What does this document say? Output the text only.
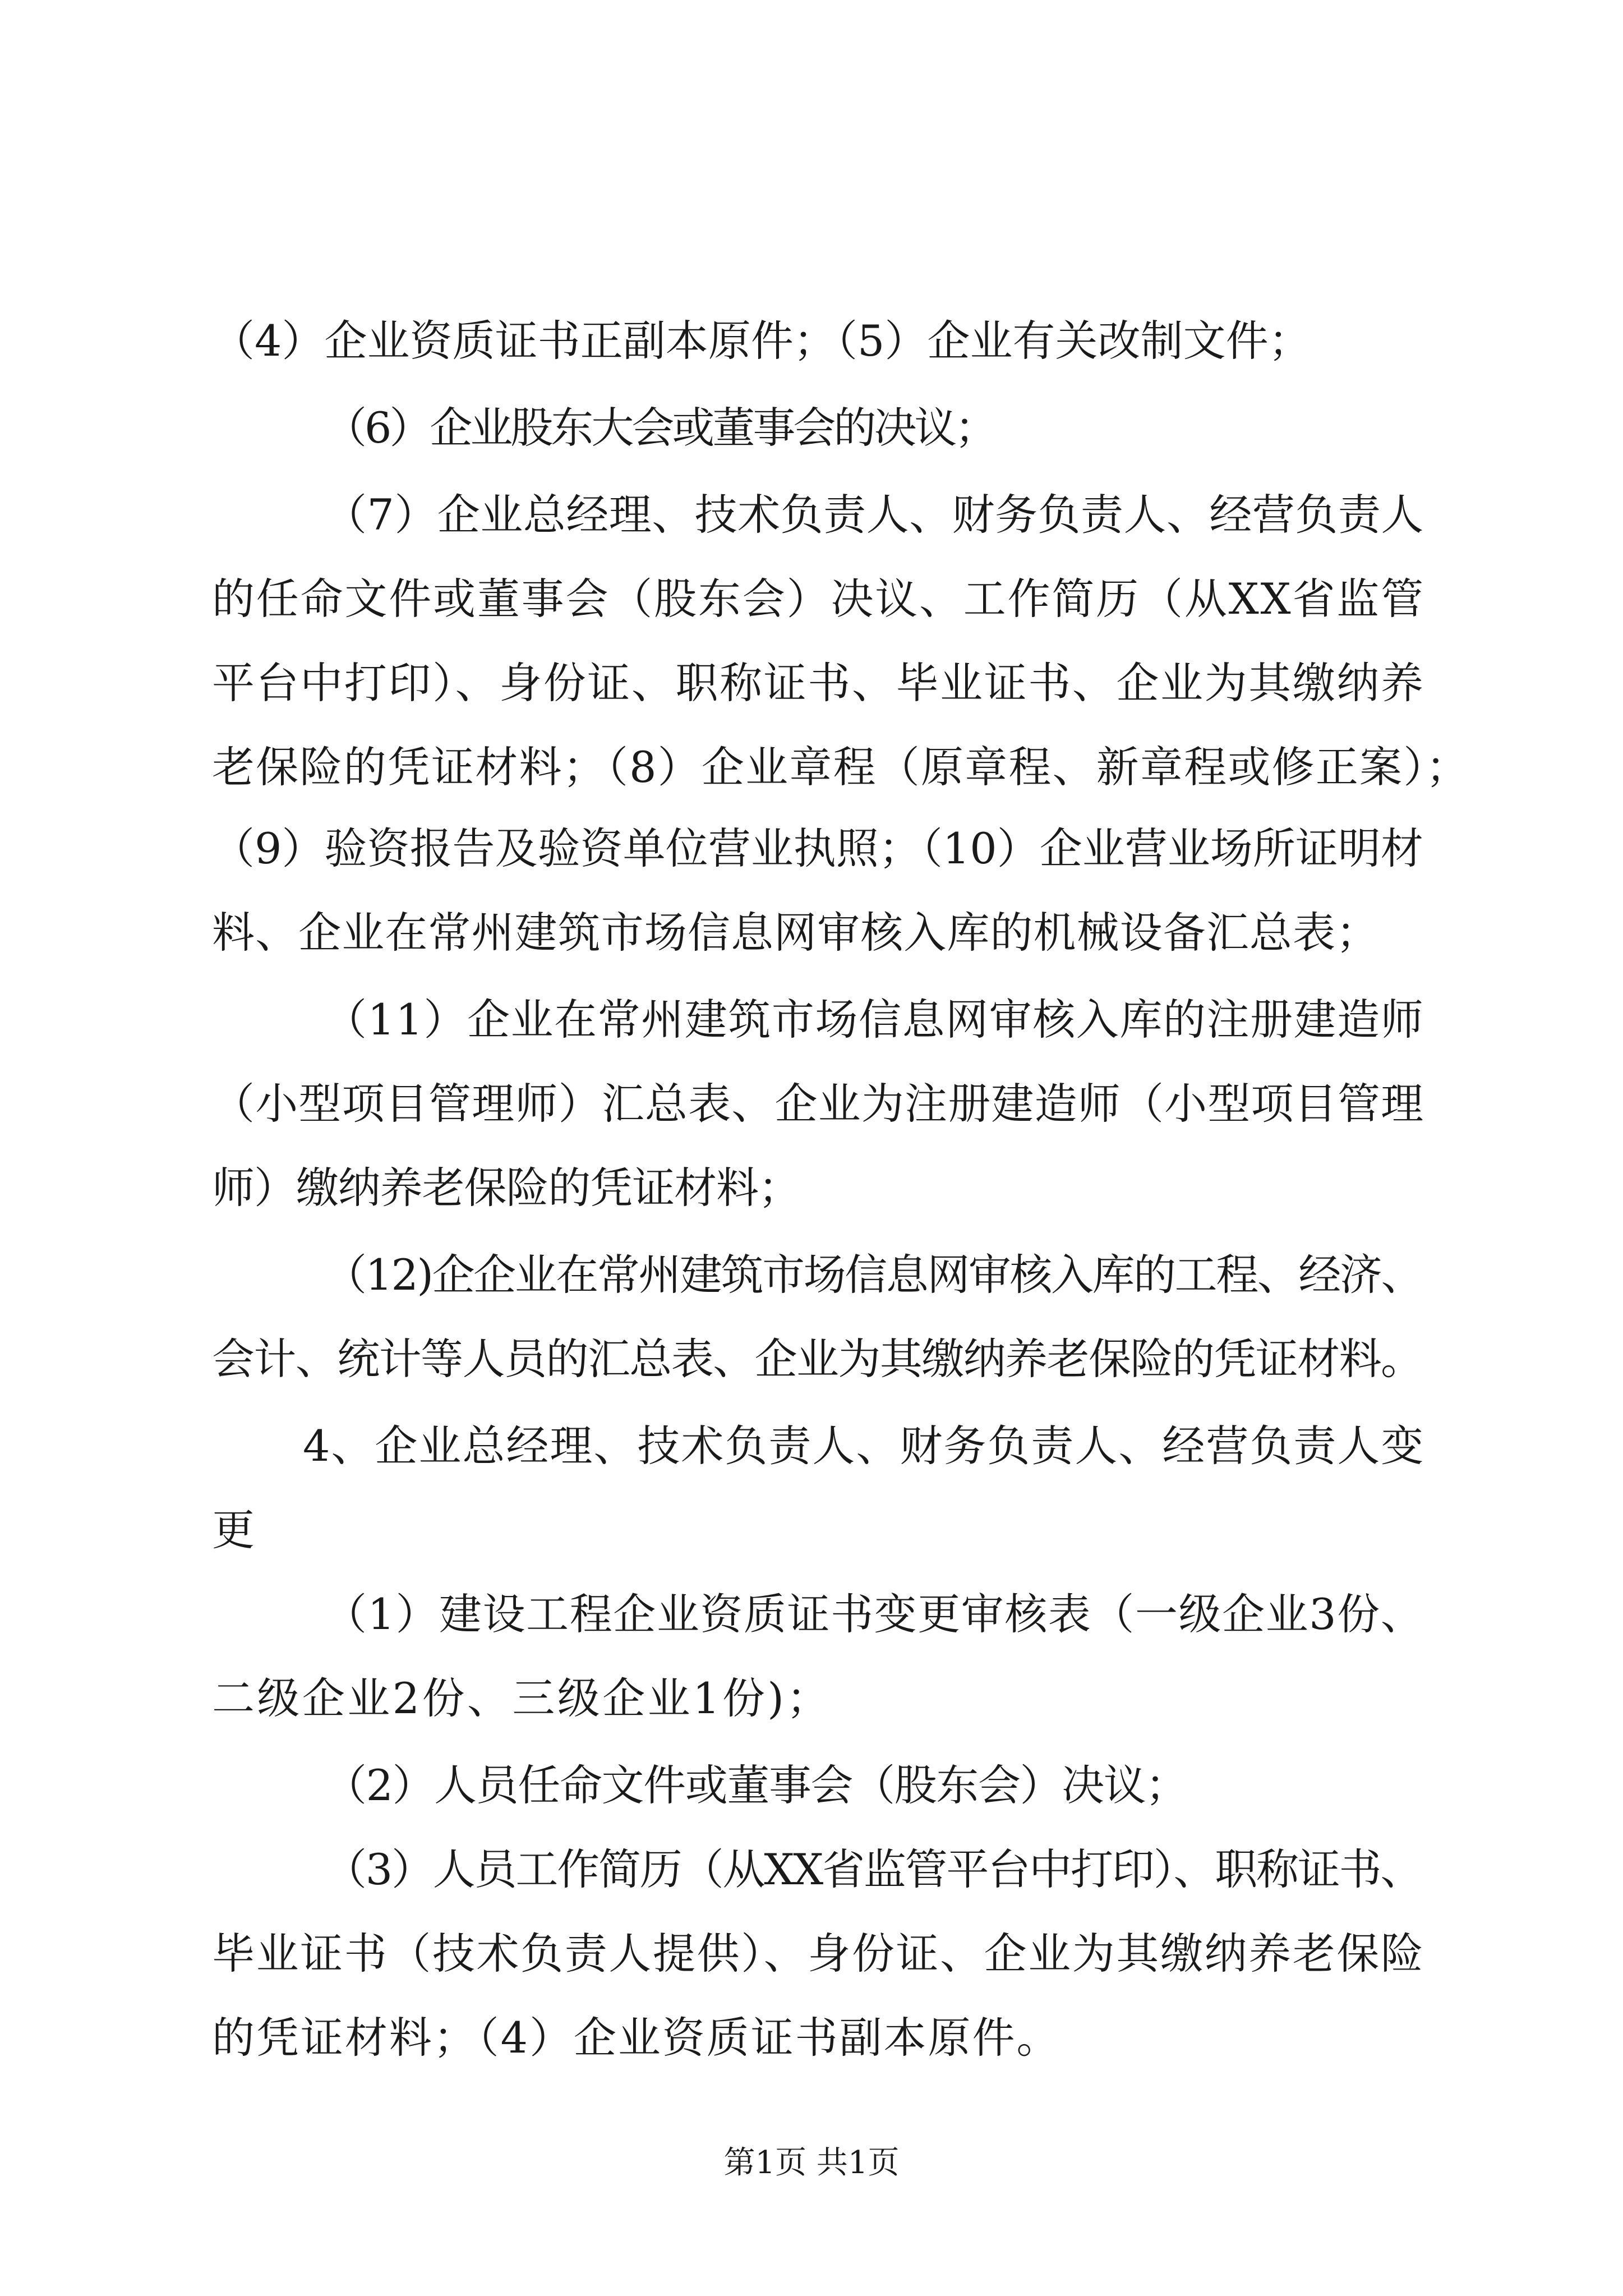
（4）企业资质证书正副本原件；（5）企业有关改制文件；
（6）企业股东大会或董事会的决议；
（7）企业总经理、技术负责人、财务负责人、经营负责人
的任命文件或董事会（股东会）决议、工作简历（从XX省监管
平台中打印）、身份证、职称证书、毕业证书、企业为其缴纳养
老保险的凭证材料；（8）企业章程（原章程、新章程或修正案）；
（9）验资报告及验资单位营业执照；（10）企业营业场所证明材
料、企业在常州建筑市场信息网审核入库的机械设备汇总表；
（11）企业在常州建筑市场信息网审核入库的注册建造师
（小型项目管理师）汇总表、企业为注册建造师（小型项目管理
师）缴纳养老保险的凭证材料；
（12)企企业在常州建筑市场信息网审核入库的工程、经济、
会计、统计等人员的汇总表、企业为其缴纳养老保险的凭证材料。
4、企业总经理、技术负责人、财务负责人、经营负责人变
更
（1）建设工程企业资质证书变更审核表（一级企业3份、
二级企业2份、三级企业1份)；
（2）人员任命文件或董事会（股东会）决议；
（3）人员工作简历（从XX省监管平台中打印）、职称证书、
毕业证书（技术负责人提供）、身份证、企业为其缴纳养老保险
的凭证材料；（4）企业资质证书副本原件。
第1页 共1页
